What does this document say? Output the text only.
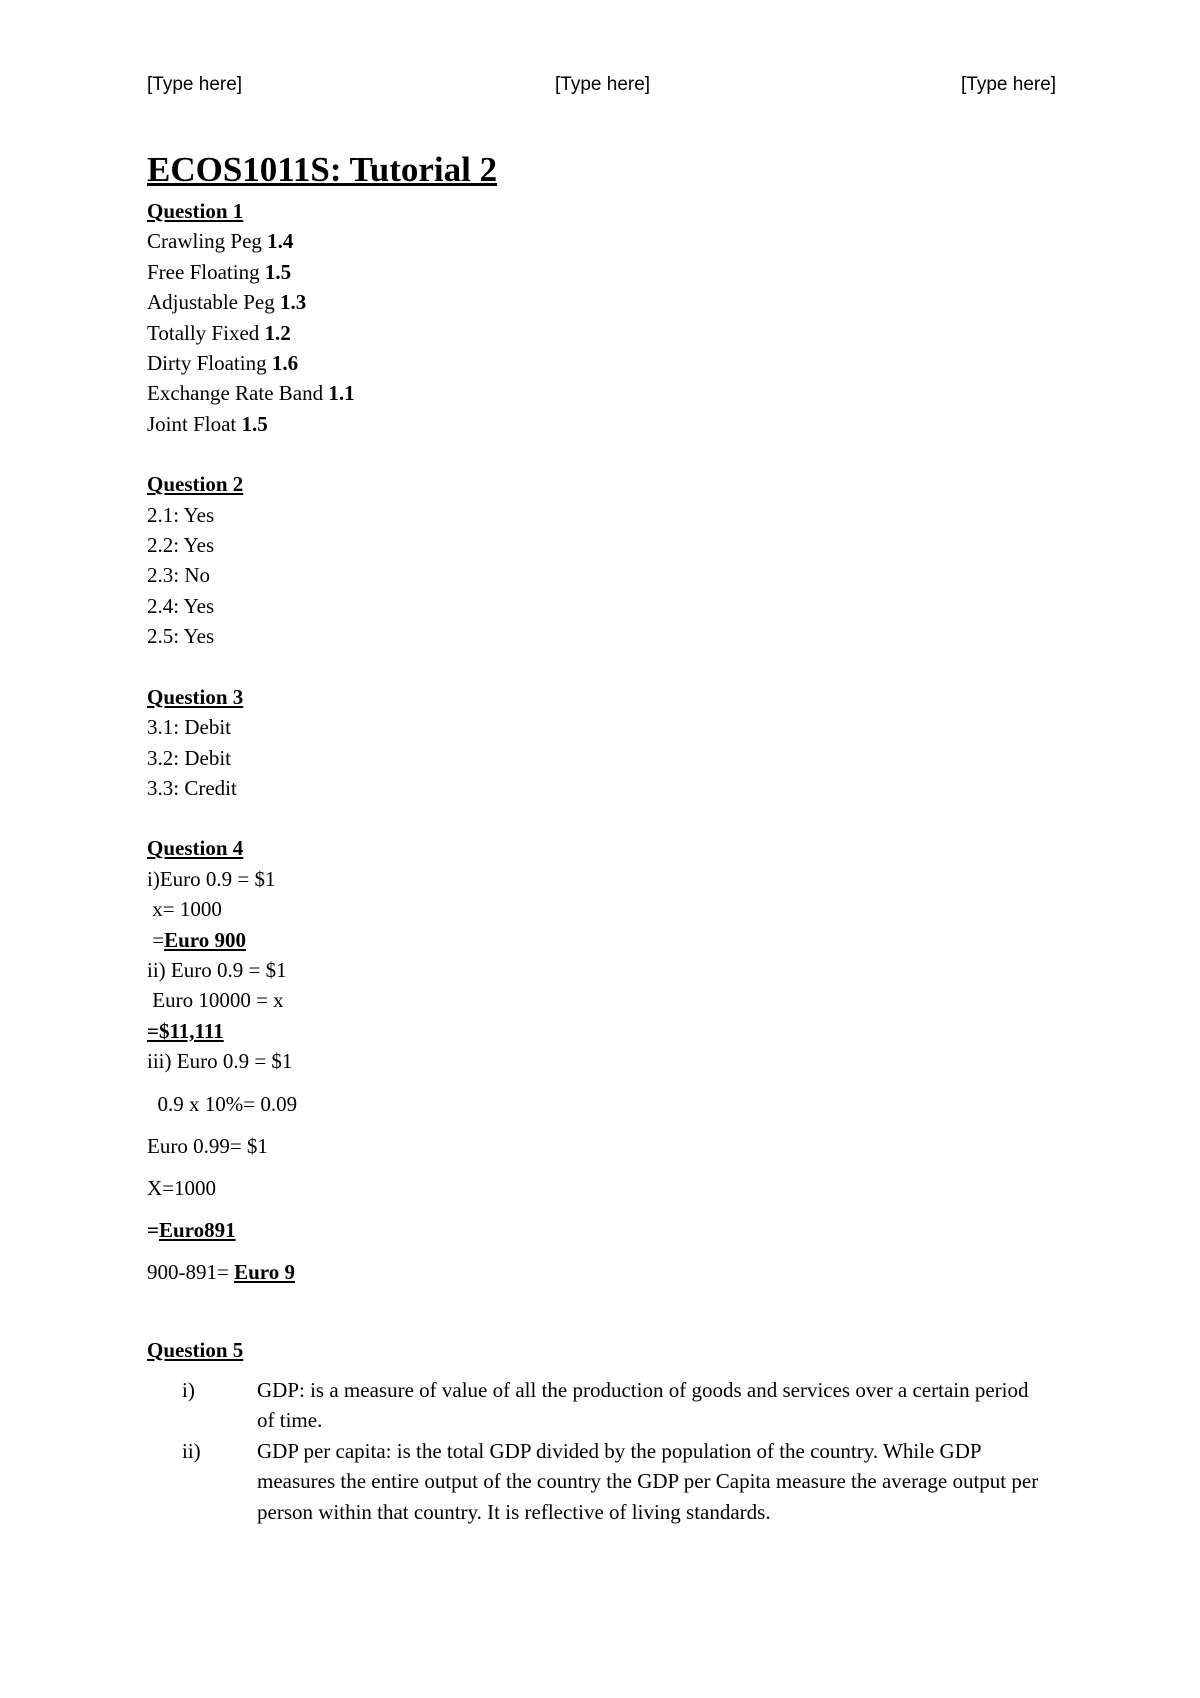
[Type here]	[Type here]	[Type here]
ECOS1011S: Tutorial 2
Question 1
Crawling Peg 1.4
Free Floating 1.5
Adjustable Peg 1.3
Totally Fixed 1.2
Dirty Floating 1.6
Exchange Rate Band 1.1
Joint Float 1.5
Question 2
2.1: Yes
2.2: Yes
2.3: No
2.4: Yes
2.5: Yes
Question 3
3.1: Debit
3.2: Debit
3.3: Credit
Question 4
i)Euro 0.9 = $1
x= 1000
=Euro 900
ii) Euro 0.9 = $1
Euro 10000 = x
=$11,111
iii) Euro 0.9 = $1
0.9 x 10%= 0.09
Euro 0.99= $1
X=1000
=Euro891
900-891= Euro 9
Question 5
i)	GDP: is a measure of value of all the production of goods and services over a certain period of time.
ii)	GDP per capita: is the total GDP divided by the population of the country. While GDP measures the entire output of the country the GDP per Capita measure the average output per person within that country. It is reflective of living standards.
